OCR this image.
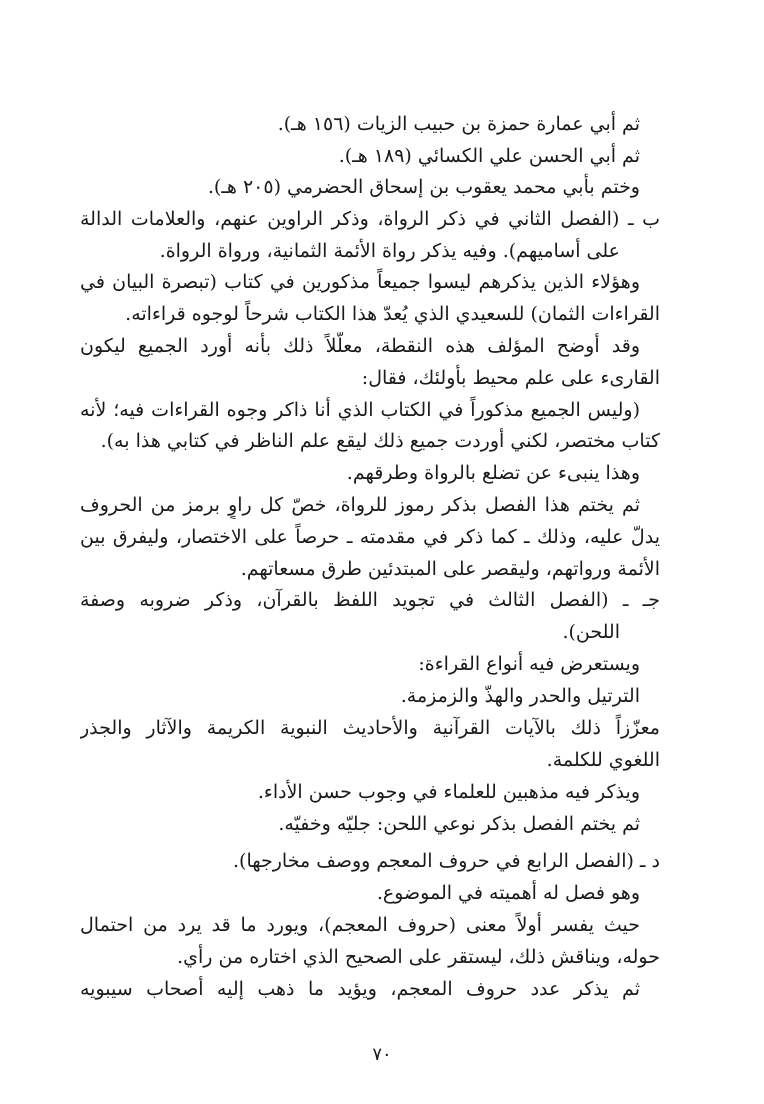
ثم أبي عمارة حمزة بن حبيب الزيات (١٥٦ هـ).
ثم أبي الحسن علي الكسائي (١٨٩ هـ).
وختم بأبي محمد يعقوب بن إسحاق الحضرمي (٢٠٥ هـ).
ب ـ (الفصل الثاني في ذكر الرواة، وذكر الراوين عنهم، والعلامات الدالة
على أساميهم). وفيه يذكر رواة الأئمة الثمانية، ورواة الرواة.
وهؤلاء الذين يذكرهم ليسوا جميعاً مذكورين في كتاب (تبصرة البيان في
القراءات الثمان) للسعيدي الذي يُعدّ هذا الكتاب شرحاً لوجوه قراءاته.
وقد أوضح المؤلف هذه النقطة، معلّلاً ذلك بأنه أورد الجميع ليكون
القارىء على علم محيط بأولئك، فقال:
(وليس الجميع مذكوراً في الكتاب الذي أنا ذاكر وجوه القراءات فيه؛ لأنه
كتاب مختصر، لكني أوردت جميع ذلك ليقع علم الناظر في كتابي هذا به).
وهذا ينبىء عن تضلع بالرواة وطرقهم.
ثم يختم هذا الفصل بذكر رموز للرواة، خصّ كل راوٍ برمز من الحروف
يدلّ عليه، وذلك ـ كما ذكر في مقدمته ـ حرصاً على الاختصار، وليفرق بين
الأئمة ورواتهم، وليقصر على المبتدئين طرق مسعاتهم.
جـ ـ (الفصل الثالث في تجويد اللفظ بالقرآن، وذكر ضروبه وصفة
اللحن).
ويستعرض فيه أنواع القراءة:
الترتيل والحدر والهذّ والزمزمة.
معزّزاً ذلك بالآيات القرآنية والأحاديث النبوية الكريمة والآثار والجذر
اللغوي للكلمة.
ويذكر فيه مذهبين للعلماء في وجوب حسن الأداء.
ثم يختم الفصل بذكر نوعي اللحن: جليّه وخفيّه.
د ـ (الفصل الرابع في حروف المعجم ووصف مخارجها).
وهو فصل له أهميته في الموضوع.
حيث يفسر أولاً معنى (حروف المعجم)، ويورد ما قد يرد من احتمال
حوله، ويناقش ذلك، ليستقر على الصحيح الذي اختاره من رأي.
ثم يذكر عدد حروف المعجم، ويؤيد ما ذهب إليه أصحاب سيبويه
٧٠
